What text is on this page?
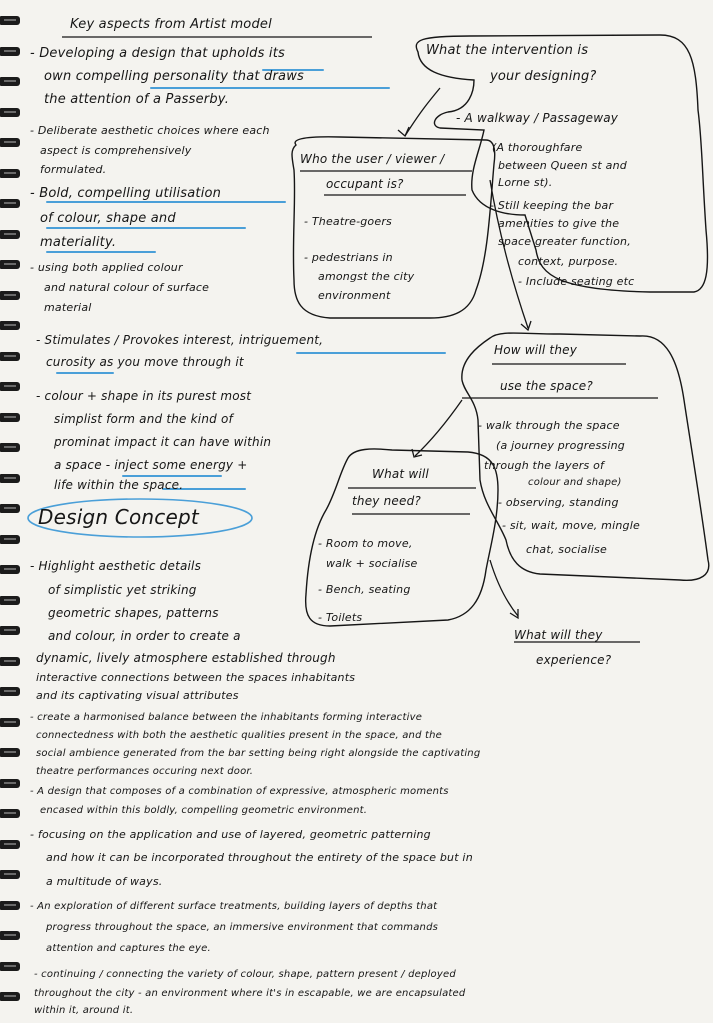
Key aspects from Artist model
- Developing a design that upholds its
own compelling personality that draws
the attention of a Passerby.
- Deliberate aesthetic choices where each
aspect is comprehensively
formulated.
- Bold, compelling utilisation
of colour, shape and
materiality.
- using both applied colour
and natural colour of surface
material
- Stimulates / Provokes interest, intriguement,
curosity as you move through it
- colour + shape in its purest most
simplist form and the kind of
prominat impact it can have within
a space - inject some energy +
life within the space.
What the intervention is
your designing?
- A walkway / Passageway
(A thoroughfare
between Queen st and
Lorne st).
- Still keeping the bar
amenities to give the
space greater function,
context, purpose.
- Include seating etc
Who the user / viewer /
occupant is?
- Theatre-goers
- pedestrians in
amongst the city
environment
How will they
use the space?
- walk through the space
(a journey progressing
through the layers of
colour and shape)
- observing, standing
- sit, wait, move, mingle
chat, socialise
What will
they need?
- Room to move,
walk + socialise
- Bench, seating
- Toilets
What will they
experience?
Design Concept
- Highlight aesthetic details
of simplistic yet striking
geometric shapes, patterns
and colour, in order to create a
dynamic, lively atmosphere established through
interactive connections between the spaces inhabitants
and its captivating visual attributes
- create a harmonised balance between the inhabitants forming interactive
connectedness with both the aesthetic qualities present in the space, and the
social ambience generated from the bar setting being right alongside the captivating
theatre performances occuring next door.
- A design that composes of a combination of expressive, atmospheric moments
encased within this boldly, compelling geometric environment.
- focusing on the application and use of layered, geometric patterning
and how it can be incorporated throughout the entirety of the space but in
a multitude of ways.
- An exploration of different surface treatments, building layers of depths that
progress throughout the space, an immersive environment that commands
attention and captures the eye.
- continuing / connecting the variety of colour, shape, pattern present / deployed
throughout the city - an environment where it's in escapable, we are encapsulated
within it, around it.
